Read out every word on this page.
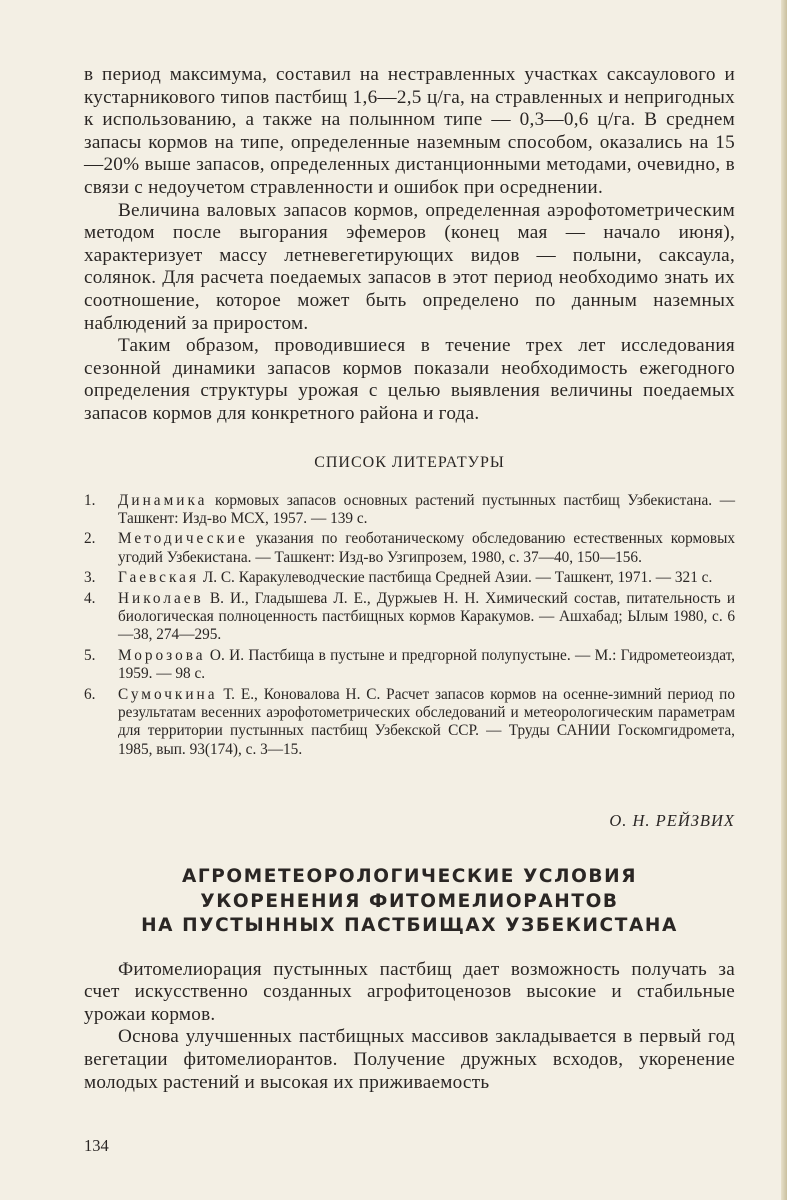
в период максимума, составил на нестравленных участках саксаулового и кустарникового типов пастбищ 1,6—2,5 ц/га, на стравленных и непригодных к использованию, а также на полынном типе — 0,3—0,6 ц/га. В среднем запасы кормов на типе, определенные наземным способом, оказались на 15—20% выше запасов, определенных дистанционными методами, очевидно, в связи с недоучетом стравленности и ошибок при осреднении.

Величина валовых запасов кормов, определенная аэрофотометрическим методом после выгорания эфемеров (конец мая — начало июня), характеризует массу летневегетирующих видов — полыни, саксаула, солянок. Для расчета поедаемых запасов в этот период необходимо знать их соотношение, которое может быть определено по данным наземных наблюдений за приростом.

Таким образом, проводившиеся в течение трех лет исследования сезонной динамики запасов кормов показали необходимость ежегодного определения структуры урожая с целью выявления величины поедаемых запасов кормов для конкретного района и года.

СПИСОК ЛИТЕРАТУРЫ
1. Динамика кормовых запасов основных растений пустынных пастбищ Узбекистана. — Ташкент: Изд-во МСХ, 1957. — 139 с.
2. Методические указания по геоботаническому обследованию естественных кормовых угодий Узбекистана. — Ташкент: Изд-во Узгипрозем, 1980, с. 37—40, 150—156.
3. Гаевская Л. С. Каракулеводческие пастбища Средней Азии. — Ташкент, 1971. — 321 с.
4. Николаев В. И., Гладышева Л. Е., Дуржыев Н. Н. Химический состав, питательность и биологическая полноценность пастбищных кормов Каракумов. — Ашхабад; Ылым 1980, с. 6—38, 274—295.
5. Морозова О. И. Пастбища в пустыне и предгорной полупустыне. — М.: Гидрометеоиздат, 1959. — 98 с.
6. Сумочкина Т. Е., Коновалова Н. С. Расчет запасов кормов на осенне-зимний период по результатам весенних аэрофотометрических обследований и метеорологическим параметрам для территории пустынных пастбищ Узбекской ССР. — Труды САНИИ Госкомгидромета, 1985, вып. 93(174), с. 3—15.
О. Н. РЕЙЗВИХ
АГРОМЕТЕОРОЛОГИЧЕСКИЕ УСЛОВИЯ
УКОРЕНЕНИЯ ФИТОМЕЛИОРАНТОВ
НА ПУСТЫННЫХ ПАСТБИЩАХ УЗБЕКИСТАНА

Фитомелиорация пустынных пастбищ дает возможность получать за счет искусственно созданных агрофитоценозов высокие и стабильные урожаи кормов.

Основа улучшенных пастбищных массивов закладывается в первый год вегетации фитомелиорантов. Получение дружных всходов, укоренение молодых растений и высокая их приживаемость

134
